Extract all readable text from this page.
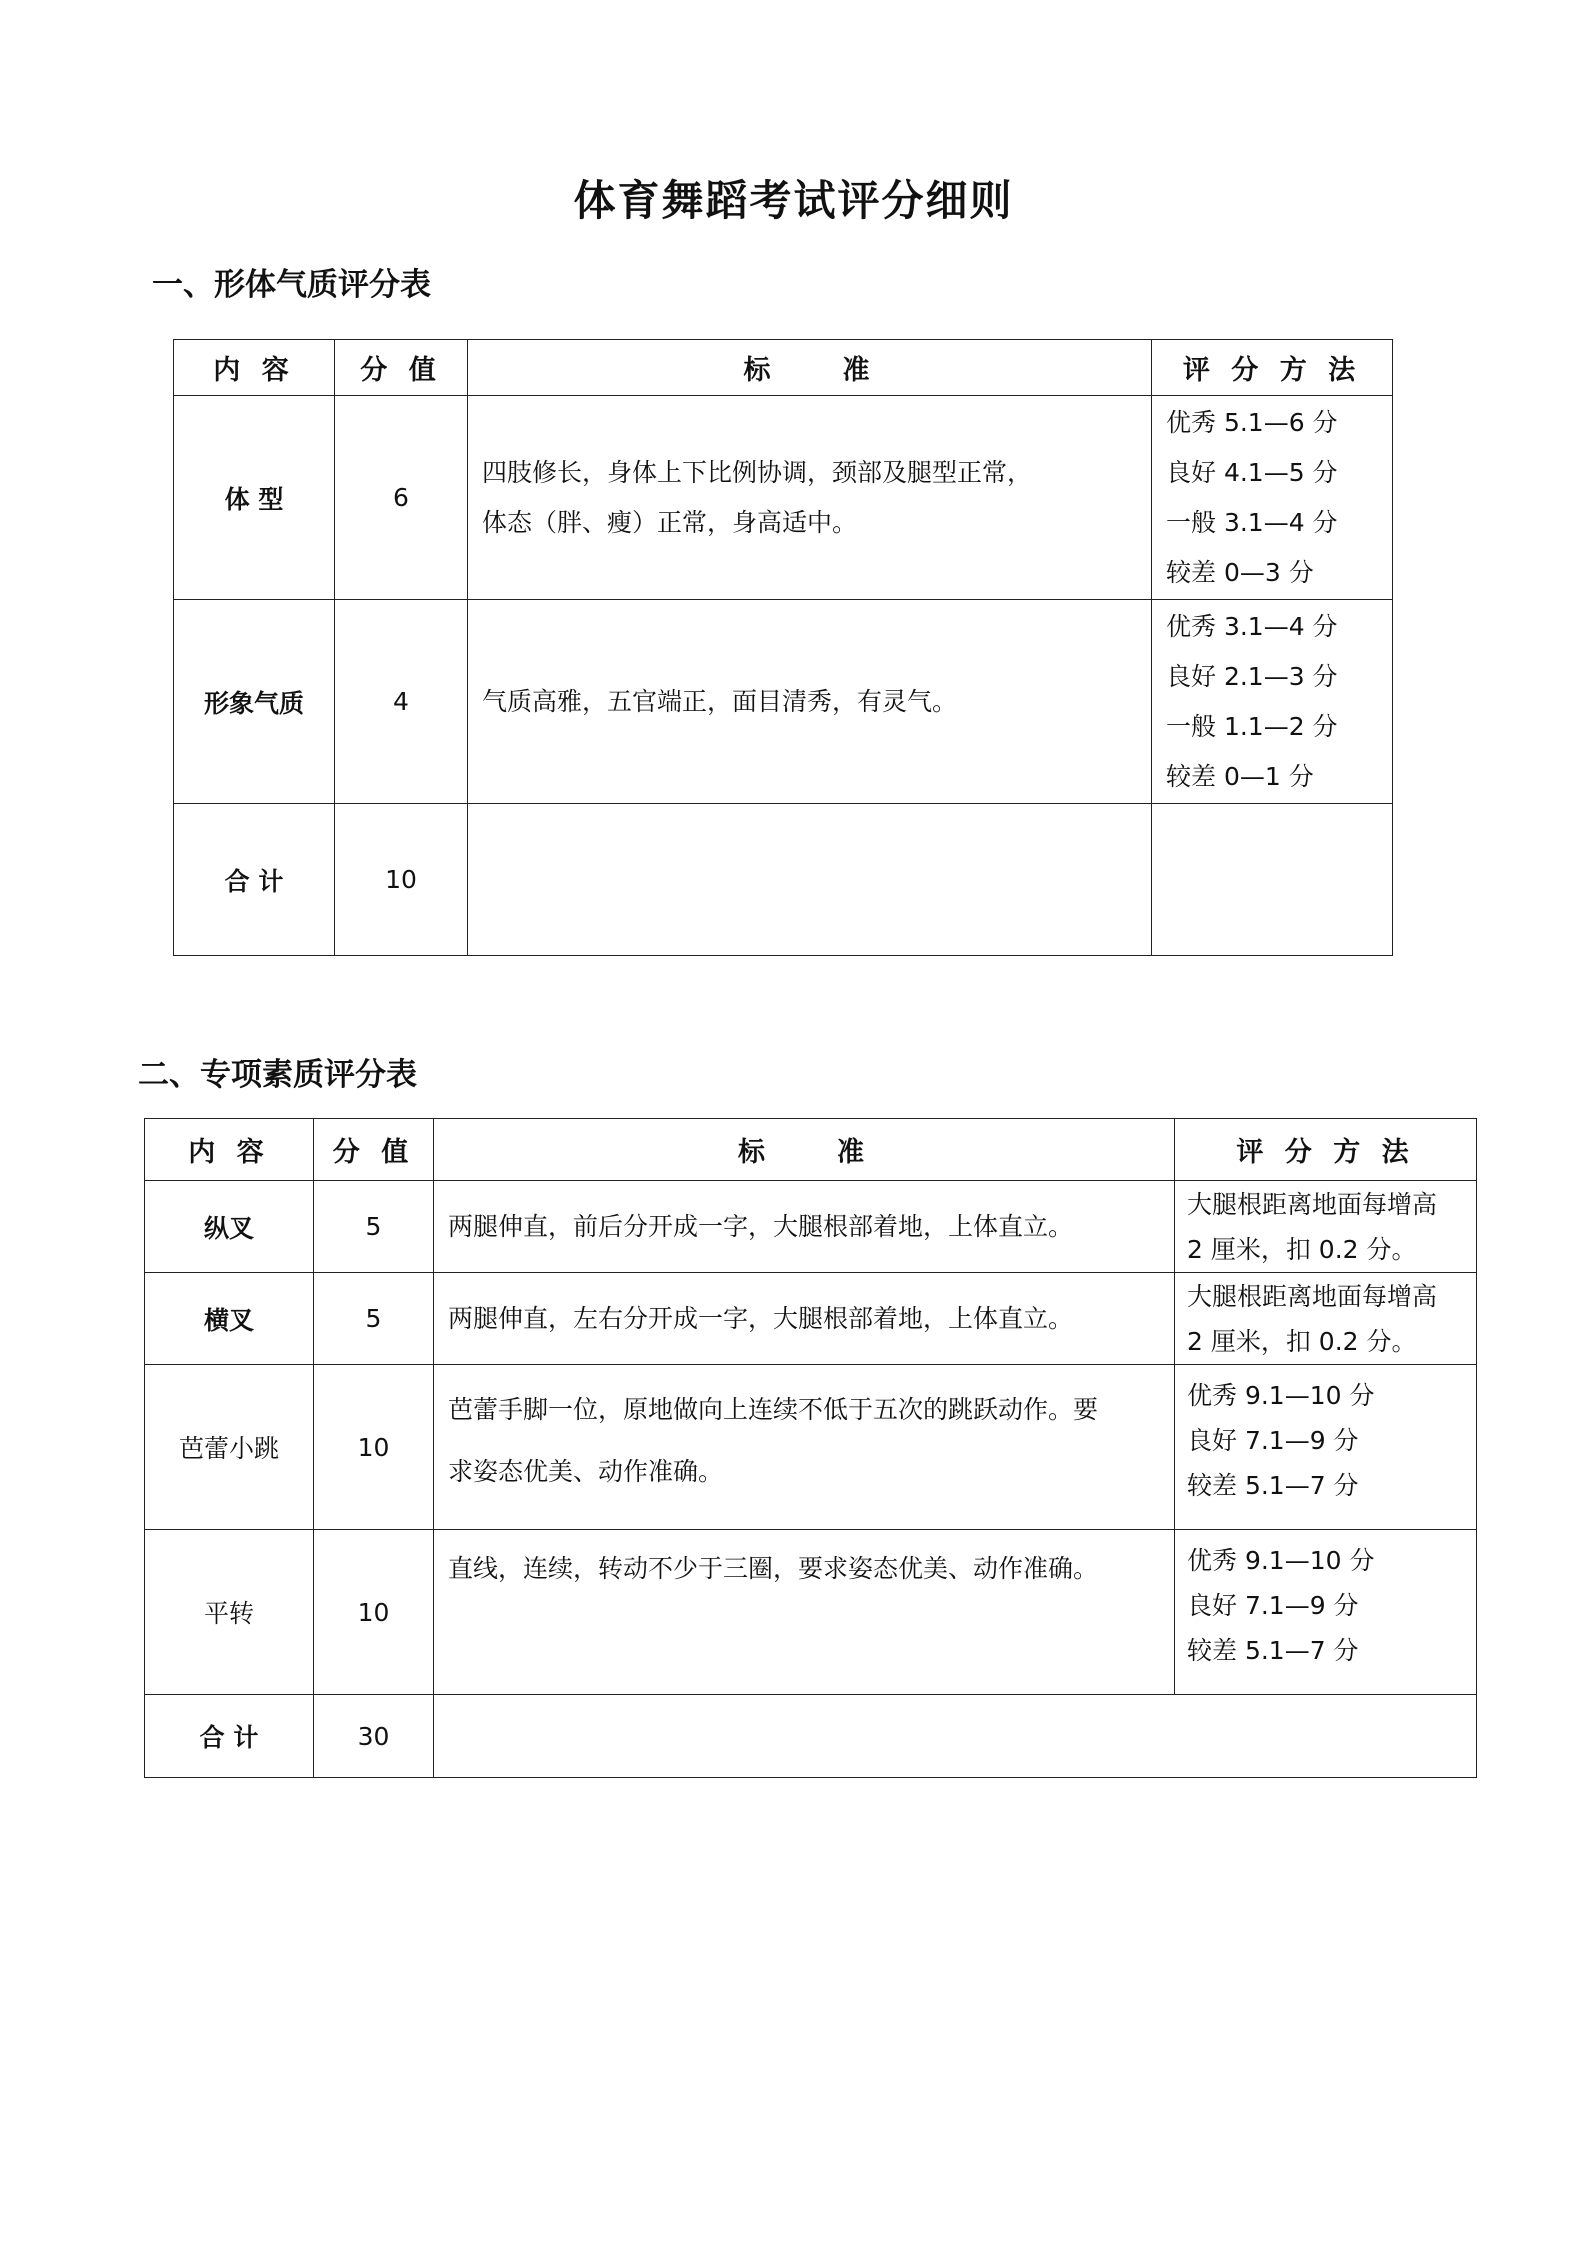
体育舞蹈考试评分细则
一、形体气质评分表
内 容	分 值	标　　准	评 分 方 法
体 型	6	四肢修长，身体上下比例协调，颈部及腿型正常，
体态（胖、瘦）正常，身高适中。	优秀 5.1—6 分
良好 4.1—5 分
一般 3.1—4 分
较差 0—3 分

形象气质	4	气质高雅，五官端正，面目清秀，有灵气。	优秀 3.1—4 分
良好 2.1—3 分
一般 1.1—2 分
较差 0—1 分

合 计	10		
二、专项素质评分表
内 容	分 值	标　　准	评 分 方 法
纵叉	5	两腿伸直，前后分开成一字，大腿根部着地，上体直立。	大腿根距离地面每增高
2 厘米，扣 0.2 分。

横叉	5	两腿伸直，左右分开成一字，大腿根部着地，上体直立。	大腿根距离地面每增高
2 厘米，扣 0.2 分。

芭蕾小跳	10	芭蕾手脚一位，原地做向上连续不低于五次的跳跃动作。要
求姿态优美、动作准确。	优秀 9.1—10 分
良好 7.1—9 分
较差 5.1—7 分

平转	10	直线，连续，转动不少于三圈，要求姿态优美、动作准确。	优秀 9.1—10 分
良好 7.1—9 分
较差 5.1—7 分

合 计	30		
